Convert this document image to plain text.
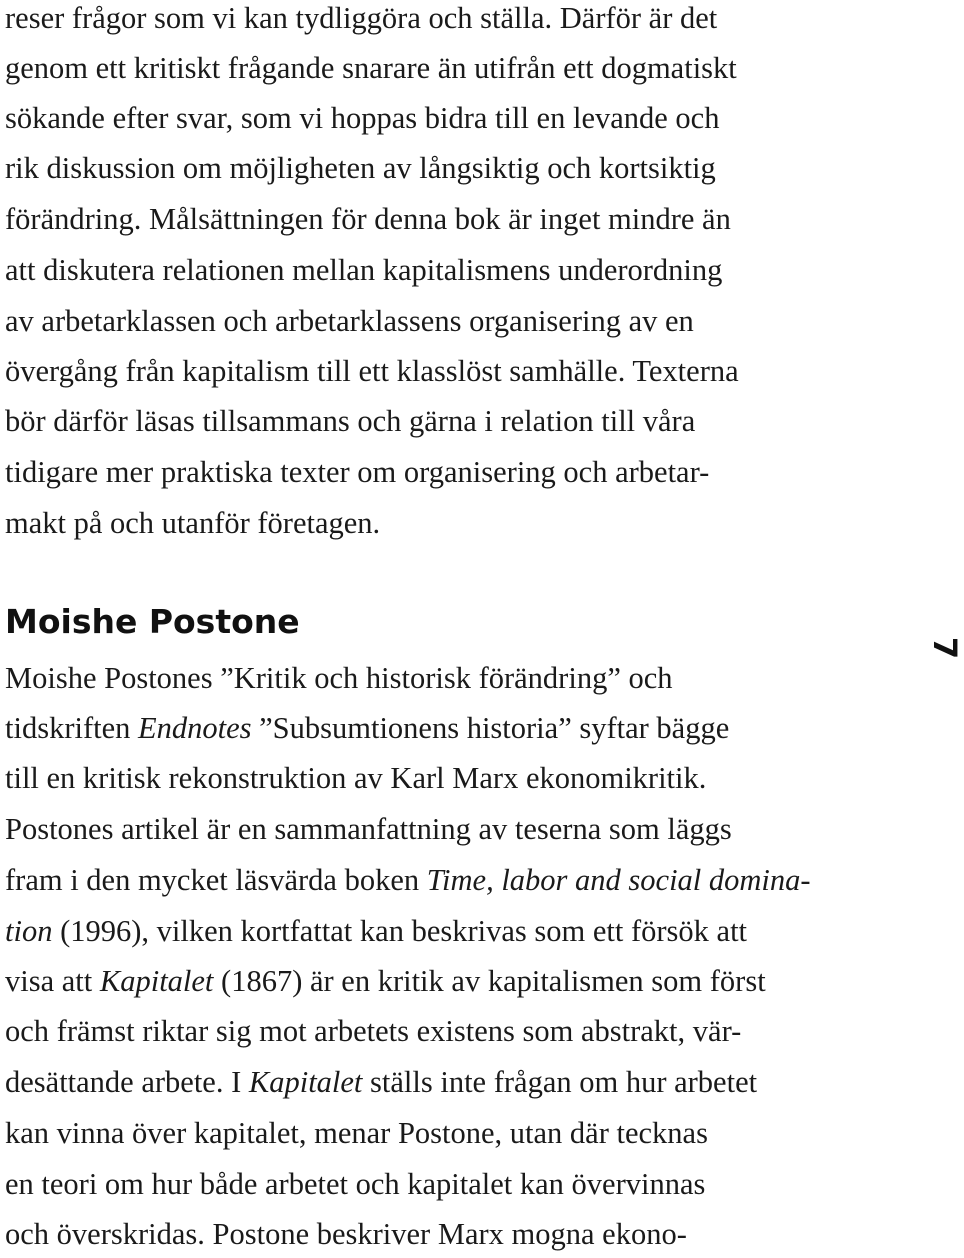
reser frågor som vi kan tydliggöra och ställa. Därför är det

genom ett kritiskt frågande snarare än utifrån ett dogmatiskt

sökande efter svar, som vi hoppas bidra till en levande och

rik diskussion om möjligheten av långsiktig och kortsiktig

förändring. Målsättningen för denna bok är inget mindre än

att diskutera relationen mellan kapitalismens underordning

av arbetarklassen och arbetarklassens organisering av en

övergång från kapitalism till ett klasslöst samhälle. Texterna

bör därför läsas tillsammans och gärna i relation till våra

tidigare mer praktiska texter om organisering och arbetar-

makt på och utanför företagen.

Moishe Postone
7

Moishe Postones ”Kritik och historisk förändring” och

tidskriften Endnotes ”Subsumtionens historia” syftar bägge

till en kritisk rekonstruktion av Karl Marx ekonomikritik.

Postones artikel är en sammanfattning av teserna som läggs

fram i den mycket läsvärda boken Time, labor and social domina-

tion (1996), vilken kortfattat kan beskrivas som ett försök att

visa att Kapitalet (1867) är en kritik av kapitalismen som först

och främst riktar sig mot arbetets existens som abstrakt, vär-

desättande arbete. I Kapitalet ställs inte frågan om hur arbetet

kan vinna över kapitalet, menar Postone, utan där tecknas

en teori om hur både arbetet och kapitalet kan övervinnas

och överskridas. Postone beskriver Marx mogna ekono-
